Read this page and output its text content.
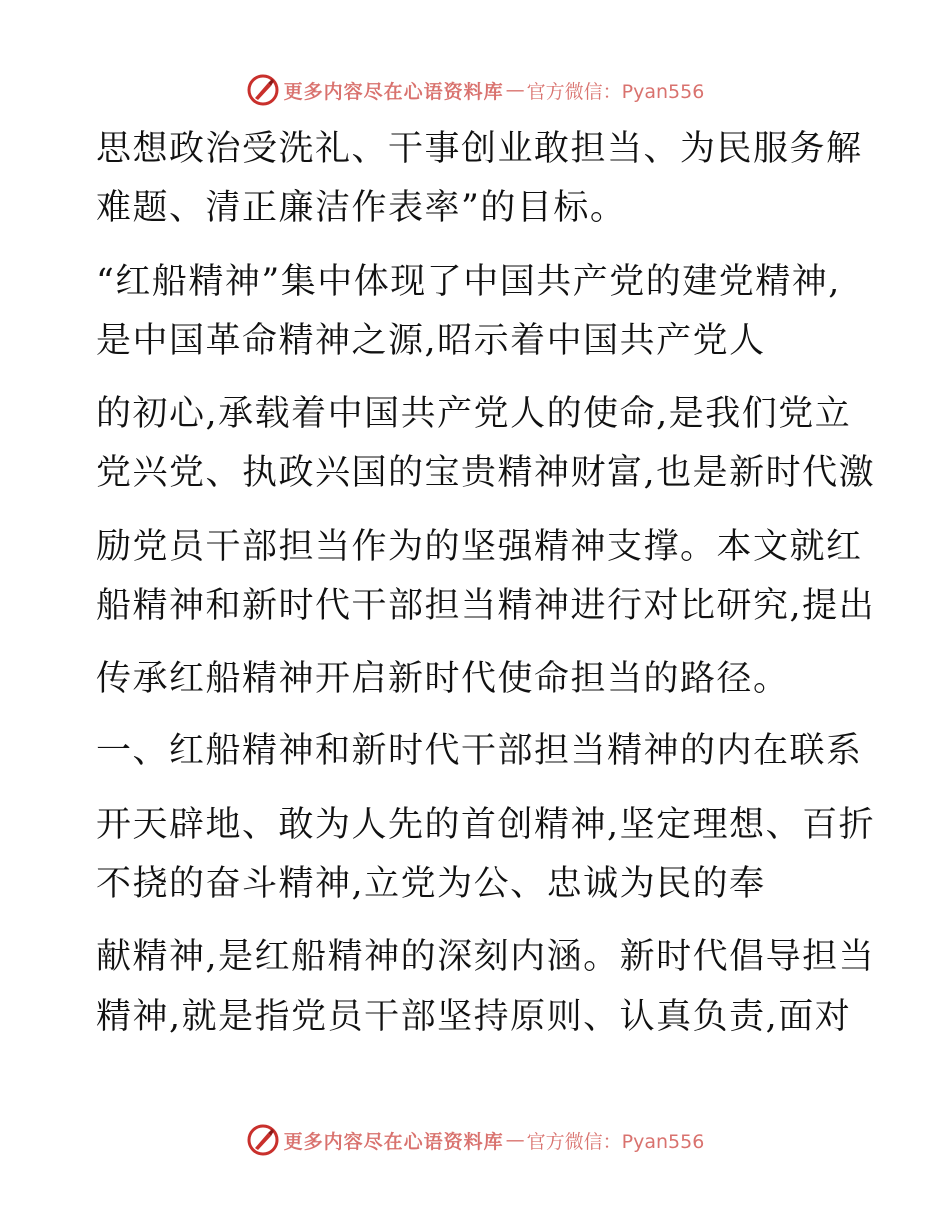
更多内容尽在心语资料库 — 官方微信：Pyan556
思想政治受洗礼、干事创业敢担当、为民服务解
难题、清正廉洁作表率”的目标。
“红船精神”集中体现了中国共产党的建党精神,
是中国革命精神之源,昭示着中国共产党人
的初心,承载着中国共产党人的使命,是我们党立
党兴党、执政兴国的宝贵精神财富,也是新时代激
励党员干部担当作为的坚强精神支撑。本文就红
船精神和新时代干部担当精神进行对比研究,提出
传承红船精神开启新时代使命担当的路径。
一、红船精神和新时代干部担当精神的内在联系
开天辟地、敢为人先的首创精神,坚定理想、百折
不挠的奋斗精神,立党为公、忠诚为民的奉
献精神,是红船精神的深刻内涵。新时代倡导担当
精神,就是指党员干部坚持原则、认真负责,面对
更多内容尽在心语资料库 — 官方微信：Pyan556
